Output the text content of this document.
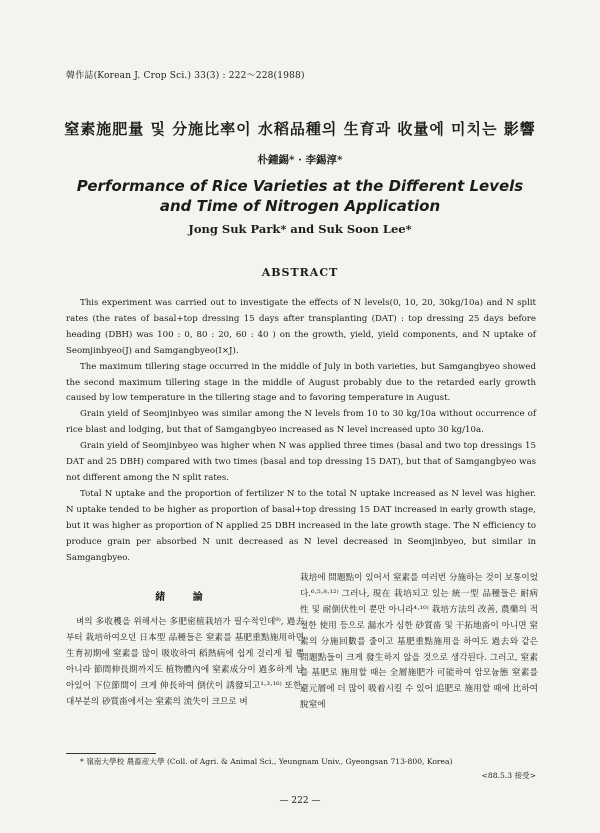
韓作誌(Korean J. Crop Sci.) 33(3) : 222～228(1988)
窒素施肥量 및 分施比率이 水稻品種의 生育과 收量에 미치는 影響
朴鍾錫* · 李錫淳*
Performance of Rice Varieties at the Different Levels
and Time of Nitrogen Application
Jong Suk Park* and Suk Soon Lee*
ABSTRACT

This experiment was carried out to investigate the effects of N levels(0, 10, 20, 30kg/10a) and N split rates (the rates of basal+top dressing 15 days after transplanting (DAT) : top dressing 25 days before heading (DBH) was 100 : 0, 80 : 20, 60 : 40 ) on the growth, yield, yield components, and N uptake of Seomjinbyeo(J) and Samgangbyeo(I×J).

The maximum tillering stage occurred in the middle of July in both varieties, but Samgangbyeo showed the second maximum tillering stage in the middle of August probably due to the retarded early growth caused by low temperature in the tillering stage and to favoring temperature in August.

Grain yield of Seomjinbyeo was similar among the N levels from 10 to 30 kg/10a without occurrence of rice blast and lodging, but that of Samgangbyeo increased as N level increased upto 30 kg/10a.

Grain yield of Seomjinbyeo was higher when N was applied three times (basal and two top dressings 15 DAT and 25 DBH) compared with two times (basal and top dressing 15 DAT), but that of Samgangbyeo was not different among the N split rates.

Total N uptake and the proportion of fertilizer N to the total N uptake increased as N level was higher. N uptake tended to be higher as proportion of basal+top dressing 15 DAT increased in early growth stage, but it was higher as proportion of N applied 25 DBH increased in the late growth stage. The N efficiency to produce grain per absorbed N unit decreased as N level decreased in Seomjinbyeo, but similar in Samgangbyeo.

緒 論

벼의 多收穫을 위해서는 多肥密植栽培가 필수적인데⁹⁾, 過去부터 栽培하여오던 日本型 品種들은 窒素를 基肥重點施用하면 生育初期에 窒素를 많이 吸收하여 稻熱病에 쉽게 걸리게 될 뿐 아니라 節間伸長期까지도 植物體內에 窒素成分이 過多하게 남아있어 下位節間이 크게 伸長하여 倒伏이 誘發되고¹·³·¹⁶⁾ 또한, 대부분의 砂質畓에서는 窒素의 流失이 크므로 벼

栽培에 問題點이 있어서 窒素를 여러번 分施하는 것이 보통이었다.⁶·⁵·⁸·¹²⁾ 그러나, 現在 栽培되고 있는 統一型 品種들은 耐病性 및 耐倒伏性이 뿐만 아니라⁴·¹⁰⁾ 栽培方法의 改善, 農藥의 적절한 使用 등으로 漏水가 심한 砂質畓 및 干拓地畓이 아니면 窒素의 分施回數를 줄이고 基肥重點施用을 하여도 過去와 같은 問題點들이 크게 發生하지 않을 것으로 생각된다. 그러고, 窒素를 基肥로 施用할 때는 全層施肥가 可能하여 암모늄態 窒素를 還元層에 더 많이 吸着시킬 수 있어 追肥로 施用할 때에 比하여 脫窒에

* 嶺南大學校 農畜産大學 (Coll. of Agri. & Animal Sci., Yeungnam Univ., Gyeongsan 713-800, Korea)
<88.5.3 接受>
— 222 —
